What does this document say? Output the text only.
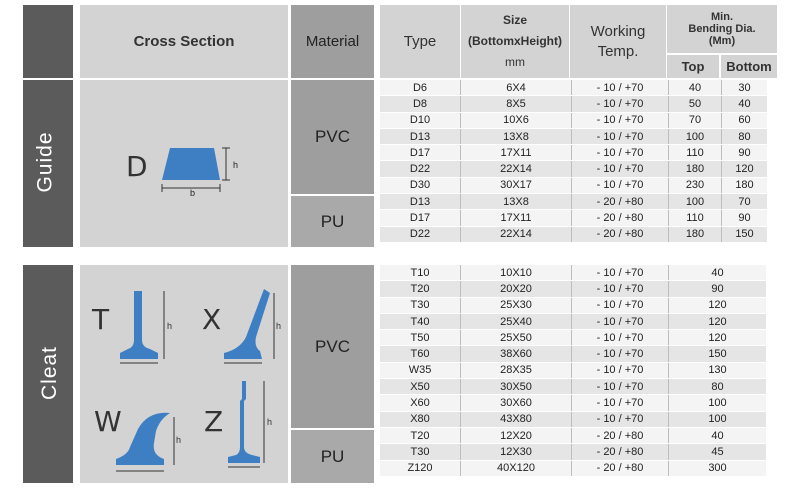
Cross Section	Material	Type
Size
(BottomxHeight)
mm
Working
Temp.
Min.
Bending Dia.
(Mm)
Top	Bottom
Guide D	h
b
PVC
PU
D6	6X4	- 10 / +70	40	30
D8	8X5	- 10 / +70	50	40
D10	10X6	- 10 / +70	70	60
D13	13X8	- 10 / +70	100	80
D17	17X11	- 10 / +70	110	90
D22	22X14	- 10 / +70	180	120
D30	30X17	- 10 / +70	230	180
D13	13X8	- 20 / +80	100	70
D17	17X11	- 20 / +80	110	90
D22	22X14	- 20 / +80	180	150
Cleat
T	h X	h
W
h
Z	h
PVC
PU
T10	10X10	- 10 / +70	40
T20	20X20	- 10 / +70	90
T30	25X30	- 10 / +70	120
T40	25X40	- 10 / +70	120
T50	25X50	- 10 / +70	120
T60	38X60	- 10 / +70	150
W35	28X35	- 10 / +70	130
X50	30X50	- 10 / +70	80
X60	30X60	- 10 / +70	100
X80	43X80	- 10 / +70	100
T20	12X20	- 20 / +80	40
T30	12X30	- 20 / +80	45
Z120	40X120	- 20 / +80	300
